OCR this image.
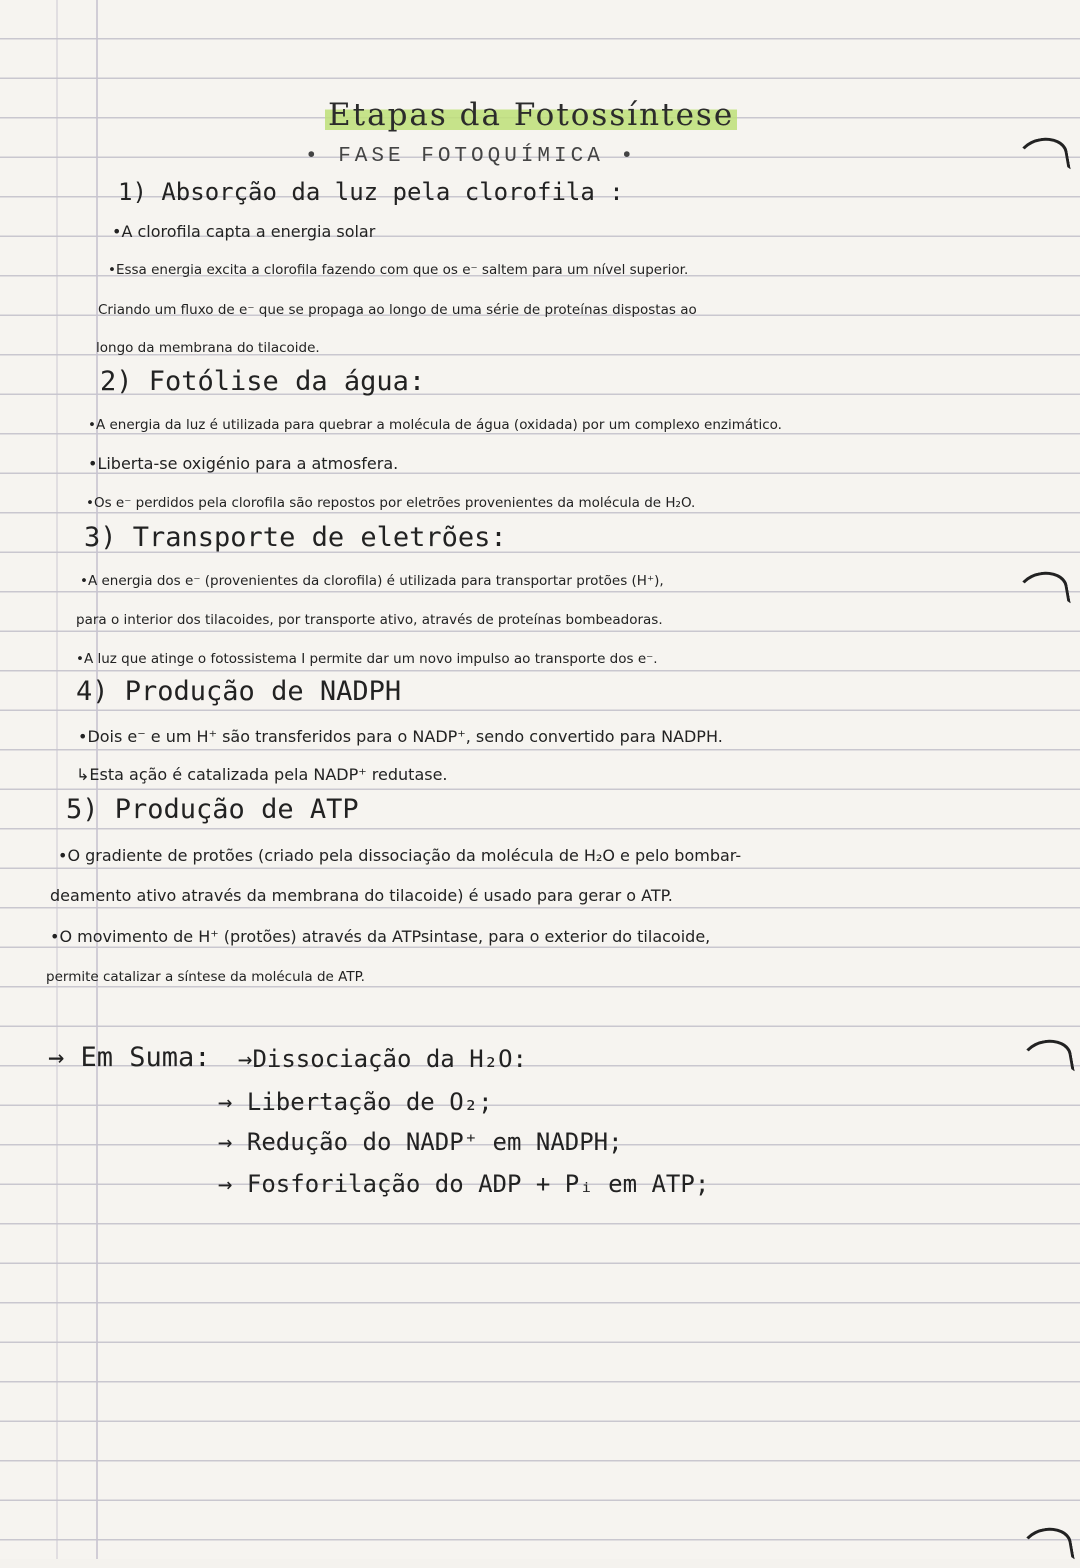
Etapas da Fotossíntese
• FASE FOTOQUÍMICA •
1) Absorção da luz pela clorofila :
•A clorofila capta a energia solar
•Essa energia excita a clorofila fazendo com que os e⁻ saltem para um nível superior.
Criando um fluxo de e⁻ que se propaga ao longo de uma série de proteínas dispostas ao
longo da membrana do tilacoide.
2) Fotólise da água:
•A energia da luz é utilizada para quebrar a molécula de água (oxidada) por um complexo enzimático.
•Liberta-se oxigénio para a atmosfera.
•Os e⁻ perdidos pela clorofila são repostos por eletrões provenientes da molécula de H₂O.
3) Transporte de eletrões:
•A energia dos e⁻ (provenientes da clorofila) é utilizada para transportar protões (H⁺),
para o interior dos tilacoides, por transporte ativo, através de proteínas bombeadoras.
•A luz que atinge o fotossistema I permite dar um novo impulso ao transporte dos e⁻.
4) Produção de NADPH
•Dois e⁻ e um H⁺ são transferidos para o NADP⁺, sendo convertido para NADPH.
↳Esta ação é catalizada pela NADP⁺ redutase.
5) Produção de ATP
•O gradiente de protões (criado pela dissociação da molécula de H₂O e pelo bombar-
deamento ativo através da membrana do tilacoide) é usado para gerar o ATP.
•O movimento de H⁺ (protões) através da ATPsintase, para o exterior do tilacoide,
permite catalizar a síntese da molécula de ATP.
→ Em Suma: →Dissociação da H₂O:
→ Libertação de O₂;
→ Redução do NADP⁺ em NADPH;
→ Fosforilação do ADP + Pᵢ em ATP;
